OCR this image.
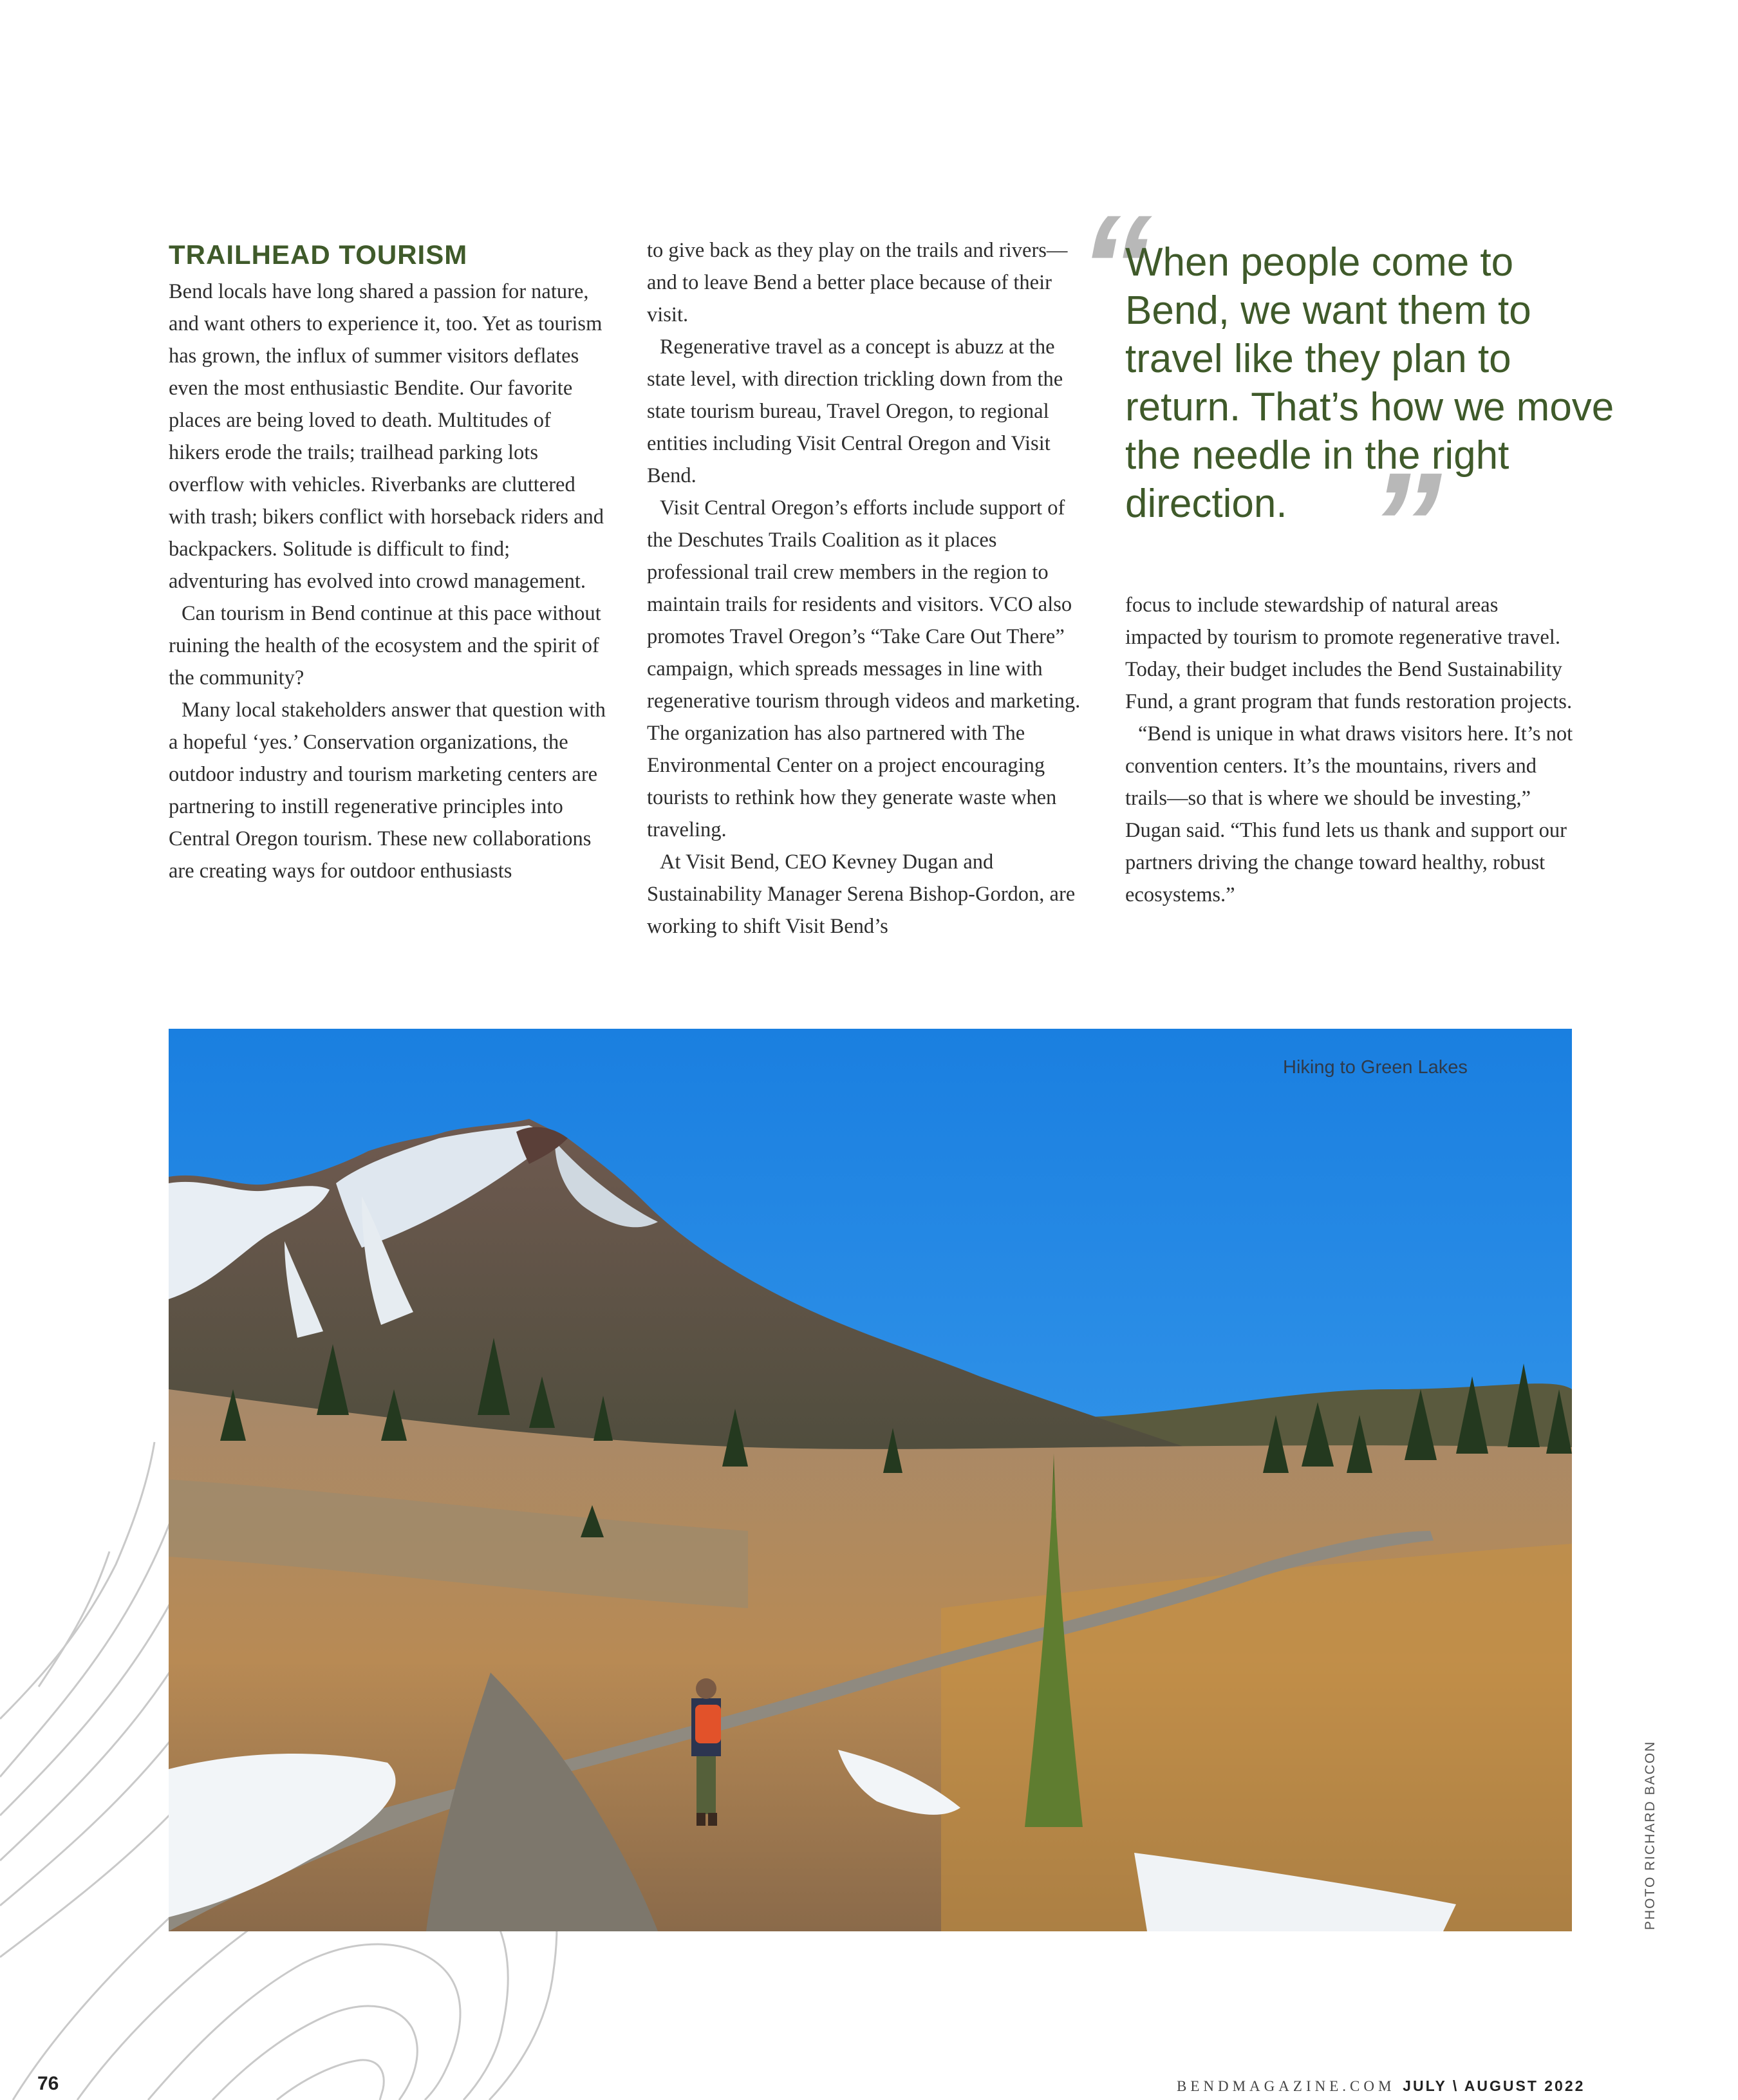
TRAILHEAD TOURISM

Bend locals have long shared a passion for nature, and want others to experience it, too. Yet as tourism has grown, the influx of summer visitors deflates even the most enthusiastic Bendite. Our favorite places are being loved to death. Multitudes of hikers erode the trails; trailhead parking lots overflow with vehicles. Riverbanks are cluttered with trash; bikers conflict with horseback riders and backpackers. Solitude is difficult to find; adventuring has evolved into crowd management.

Can tourism in Bend continue at this pace without ruining the health of the ecosystem and the spirit of the community?

Many local stakeholders answer that question with a hopeful ‘yes.’ Conservation organizations, the outdoor industry and tourism marketing centers are partnering to instill regenerative principles into Central Oregon tourism. These new collaborations are creating ways for outdoor enthusiasts

to give back as they play on the trails and rivers—and to leave Bend a better place because of their visit.

Regenerative travel as a concept is abuzz at the state level, with direction trickling down from the state tourism bureau, Travel Oregon, to regional entities including Visit Central Oregon and Visit Bend.

Visit Central Oregon’s efforts include support of the Deschutes Trails Coalition as it places professional trail crew members in the region to maintain trails for residents and visitors. VCO also promotes Travel Oregon’s “Take Care Out There” campaign, which spreads messages in line with regenerative tourism through videos and marketing. The organization has also partnered with The Environmental Center on a project encouraging tourists to rethink how they generate waste when traveling.

At Visit Bend, CEO Kevney Dugan and Sustainability Manager Serena Bishop-Gordon, are working to shift Visit Bend’s

“

When people come to Bend, we want them to travel like they plan to return. That’s how we move the needle in the right direction. ”

focus to include stewardship of natural areas impacted by tourism to promote regenerative travel. Today, their budget includes the Bend Sustainability Fund, a grant program that funds restoration projects.

“Bend is unique in what draws visitors here. It’s not convention centers. It’s the mountains, rivers and trails—so that is where we should be investing,” Dugan said. “This fund lets us thank and support our partners driving the change toward healthy, robust ecosystems.”

Hiking to Green Lakes
PHOTO RICHARD BACON
76	BENDMAGAZINE.COM JULY \ AUGUST 2022
